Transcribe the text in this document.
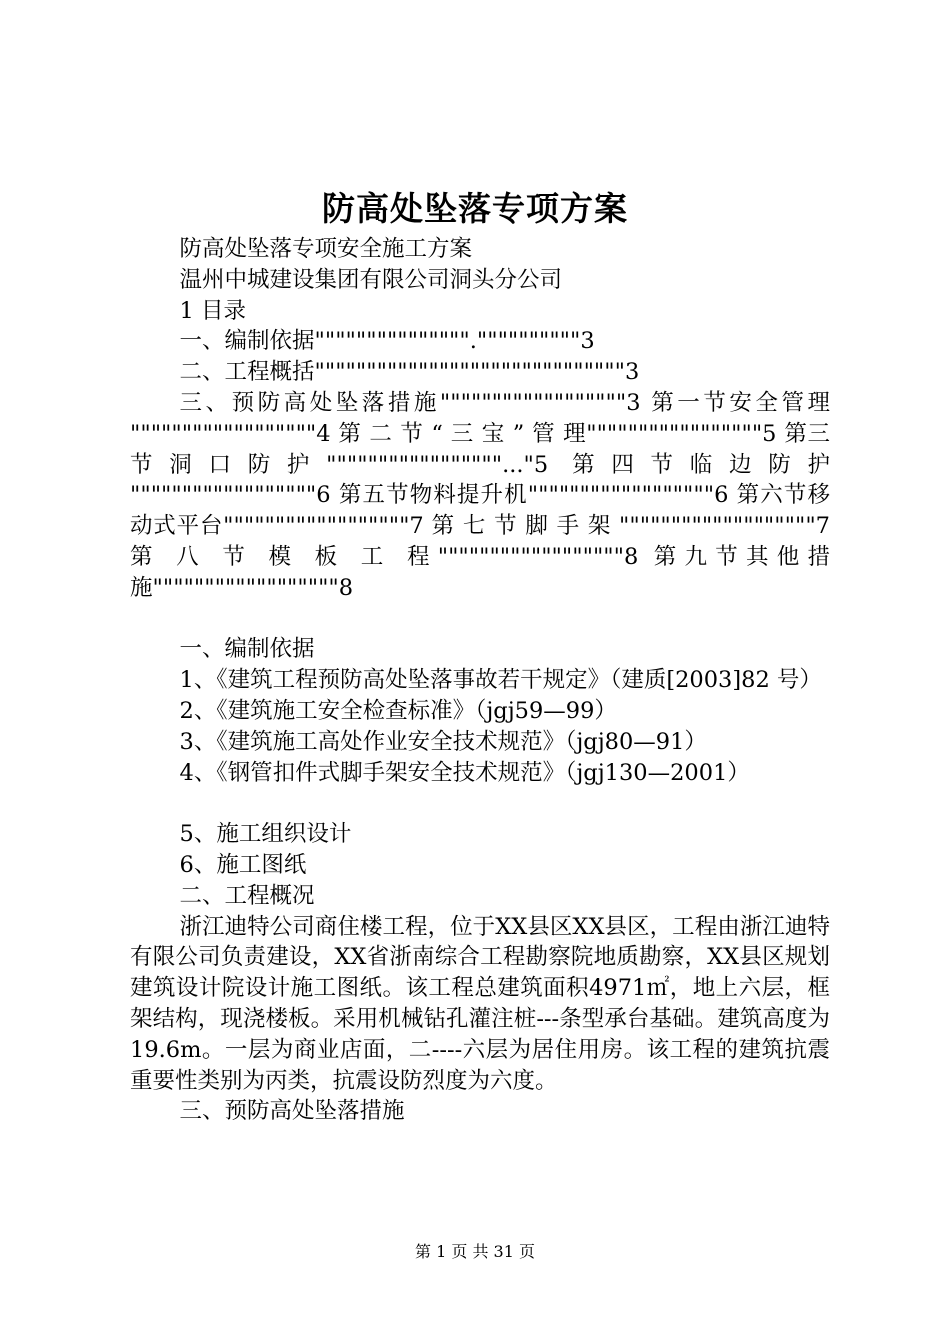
防高处坠落专项方案

防高处坠落专项安全施工方案

温州中城建设集团有限公司洞头分公司

1 目录

一、编制依据""""""""""""""".""""""""""3

二、工程概括""""""""""""""""""""""""""""""3

三、预防高处坠落措施""""""""""""""""""3 第一节安全管理 """"""""""""""""""4 第 二 节 “ 三 宝 ” 管 理"""""""""""""""""5 第三节洞口防护"""""""""""""""""..."5 第四节临边防护 """"""""""""""""""6 第五节物料提升机""""""""""""""""""6 第六节移动式平台""""""""""""""""""7 第 七 节 脚 手 架 """""""""""""""""""7 第 八 节 模 板 工 程""""""""""""""""""8 第九节其他措施""""""""""""""""""8

一、编制依据

1、《建筑工程预防高处坠落事故若干规定》（建质[2003]82 号）

2、《建筑施工安全检查标准》（jgj59—99）

3、《建筑施工高处作业安全技术规范》（jgj80—91）

4、《钢管扣件式脚手架安全技术规范》（jgj130—2001）

5、施工组织设计

6、施工图纸

二、工程概况

浙江迪特公司商住楼工程，位于XX县区XX县区，工程由浙江迪特有限公司负责建设，XX省浙南综合工程勘察院地质勘察，XX县区规划建筑设计院设计施工图纸。该工程总建筑面积4971㎡，地上六层，框架结构，现浇楼板。采用机械钻孔灌注桩---条型承台基础。建筑高度为19.6m。一层为商业店面，二----六层为居住用房。该工程的建筑抗震重要性类别为丙类，抗震设防烈度为六度。

三、预防高处坠落措施

第 1 页 共 31 页
